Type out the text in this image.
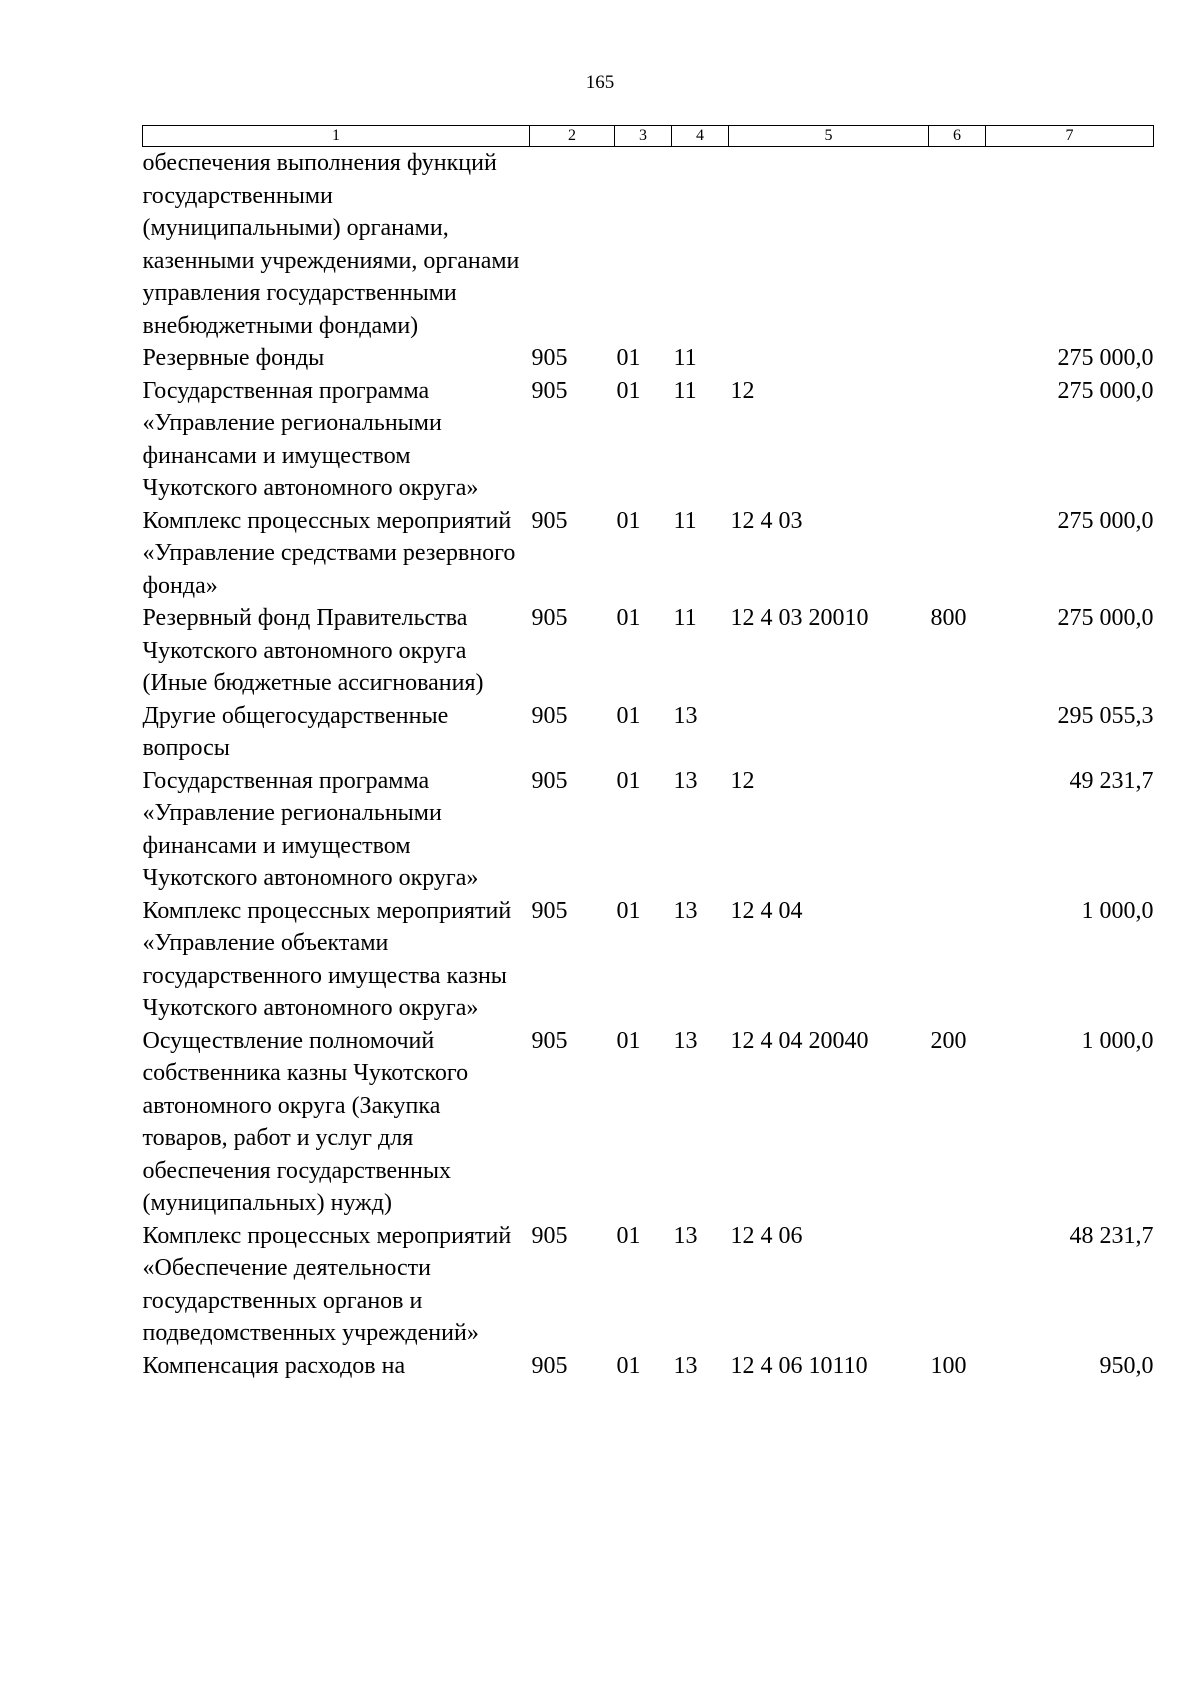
165
1	2	3	4	5	6	7
обеспечения выполнения функций государственными (муниципальными) органами, казенными учреждениями, органами управления государственными внебюджетными фондами)						
Резервные фонды	905	01	11			275 000,0
Государственная программа «Управление региональными финансами и имуществом Чукотского автономного округа»	905	01	11	12		275 000,0
Комплекс процессных мероприятий «Управление средствами резервного фонда»	905	01	11	12 4 03		275 000,0
Резервный фонд Правительства Чукотского автономного округа (Иные бюджетные ассигнования)	905	01	11	12 4 03 20010	800	275 000,0
Другие общегосударственные вопросы	905	01	13			295 055,3
Государственная программа «Управление региональными финансами и имуществом Чукотского автономного округа»	905	01	13	12		49 231,7
Комплекс процессных мероприятий «Управление объектами государственного имущества казны Чукотского автономного округа»	905	01	13	12 4 04		1 000,0
Осуществление полномочий собственника казны Чукотского автономного округа (Закупка товаров, работ и услуг для обеспечения государственных (муниципальных) нужд)	905	01	13	12 4 04 20040	200	1 000,0
Комплекс процессных мероприятий «Обеспечение деятельности государственных органов и подведомственных учреждений»	905	01	13	12 4 06		48 231,7
Компенсация расходов на	905	01	13	12 4 06 10110	100	950,0
